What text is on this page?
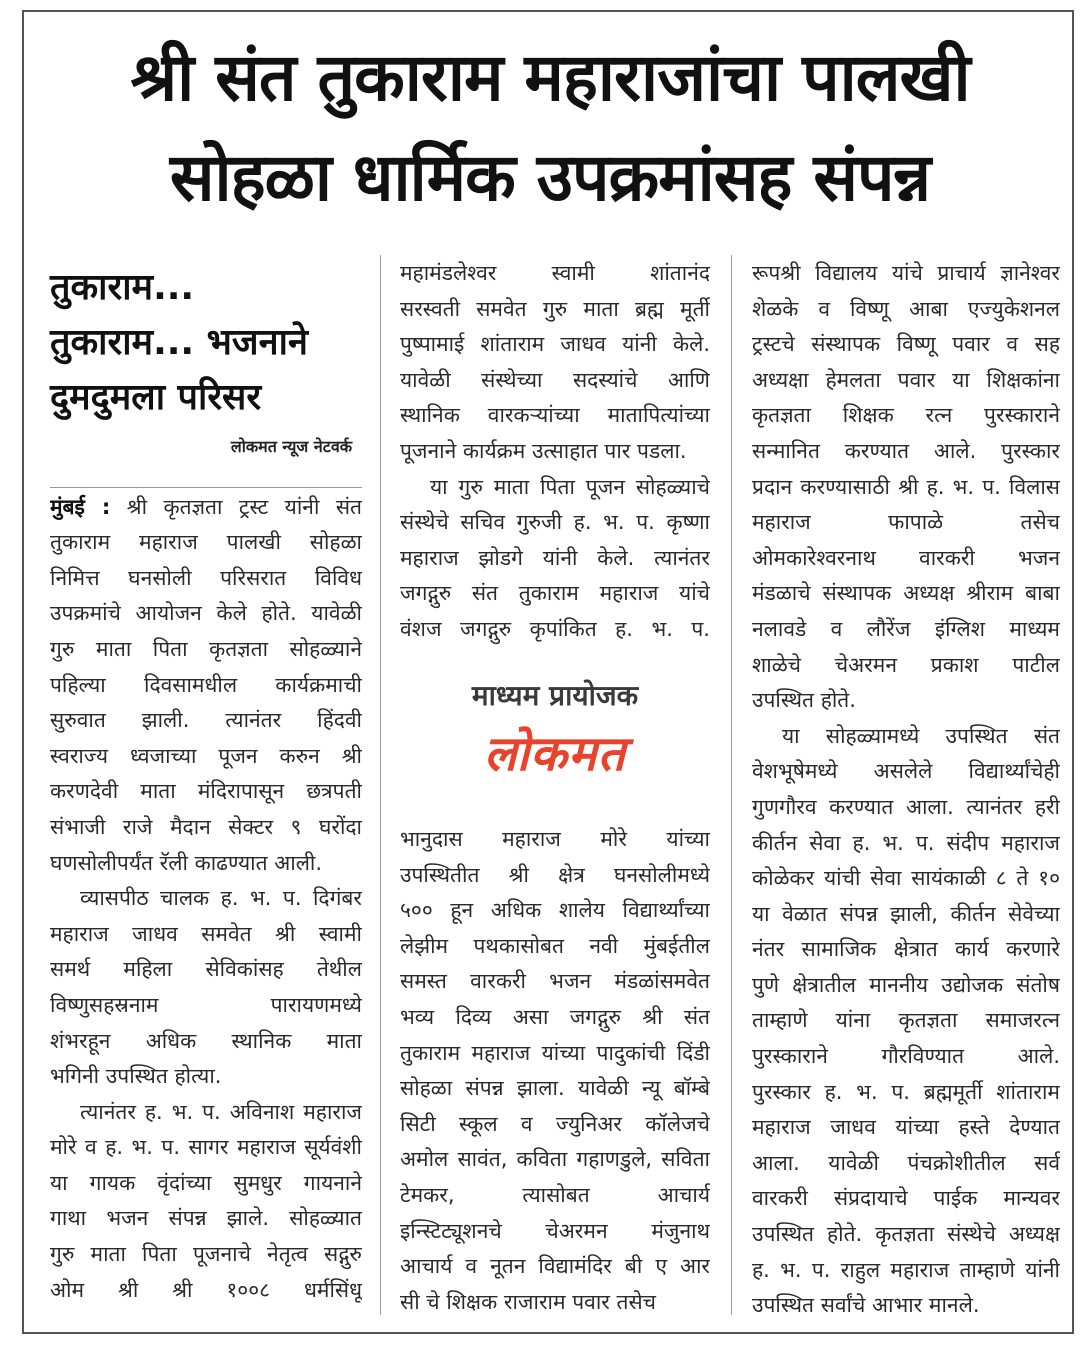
श्री संत तुकाराम महाराजांचा पालखी
सोहळा धार्मिक उपक्रमांसह संपन्न
तुकाराम...
तुकाराम... भजनाने
दुमदुमला परिसर
लोकमत न्यूज नेटवर्क
मुंबई : श्री कृतज्ञता ट्रस्ट यांनी संत
तुकाराम महाराज पालखी सोहळा
निमित्त घनसोली परिसरात विविध
उपक्रमांचे आयोजन केले होते. यावेळी
गुरु माता पिता कृतज्ञता सोहळ्याने
पहिल्या दिवसामधील कार्यक्रमाची
सुरुवात झाली. त्यानंतर हिंदवी
स्वराज्य ध्वजाच्या पूजन करुन श्री
करणदेवी माता मंदिरापासून छत्रपती
संभाजी राजे मैदान सेक्टर ९ घरोंदा
घणसोलीपर्यंत रॅली काढण्यात आली.
व्यासपीठ चालक ह. भ. प. दिगंबर
महाराज जाधव समवेत श्री स्वामी
समर्थ महिला सेविकांसह तेथील
विष्णुसहस्रनाम पारायणमध्ये
शंभरहून अधिक स्थानिक माता
भगिनी उपस्थित होत्या.
त्यानंतर ह. भ. प. अविनाश महाराज
मोरे व ह. भ. प. सागर महाराज सूर्यवंशी
या गायक वृंदांच्या सुमधुर गायनाने
गाथा भजन संपन्न झाले. सोहळ्यात
गुरु माता पिता पूजनाचे नेतृत्व सद्गुरु
ओम श्री श्री १००८ धर्मसिंधू
महामंडलेश्वर स्वामी शांतानंद
सरस्वती समवेत गुरु माता ब्रह्म मूर्ती
पुष्पामाई शांताराम जाधव यांनी केले.
यावेळी संस्थेच्या सदस्यांचे आणि
स्थानिक वारकऱ्यांच्या मातापित्यांच्या
पूजनाने कार्यक्रम उत्साहात पार पडला.
या गुरु माता पिता पूजन सोहळ्याचे
संस्थेचे सचिव गुरुजी ह. भ. प. कृष्णा
महाराज झोडगे यांनी केले. त्यानंतर
जगद्गुरु संत तुकाराम महाराज यांचे
वंशज जगद्गुरु कृपांकित ह. भ. प.
माध्यम प्रायोजक
लोकमत
भानुदास महाराज मोरे यांच्या
उपस्थितीत श्री क्षेत्र घनसोलीमध्ये
५०० हून अधिक शालेय विद्यार्थ्यांच्या
लेझीम पथकासोबत नवी मुंबईतील
समस्त वारकरी भजन मंडळांसमवेत
भव्य दिव्य असा जगद्गुरु श्री संत
तुकाराम महाराज यांच्या पादुकांची दिंडी
सोहळा संपन्न झाला. यावेळी न्यू बॉम्बे
सिटी स्कूल व ज्युनिअर कॉलेजचे
अमोल सावंत, कविता गहाणडुले, सविता
टेमकर, त्यासोबत आचार्य
इन्स्टिट्यूशनचे चेअरमन मंजुनाथ
आचार्य व नूतन विद्यामंदिर बी ए आर
सी चे शिक्षक राजाराम पवार तसेच
रूपश्री विद्यालय यांचे प्राचार्य ज्ञानेश्वर
शेळके व विष्णू आबा एज्युकेशनल
ट्रस्टचे संस्थापक विष्णू पवार व सह
अध्यक्षा हेमलता पवार या शिक्षकांना
कृतज्ञता शिक्षक रत्न पुरस्काराने
सन्मानित करण्यात आले. पुरस्कार
प्रदान करण्यासाठी श्री ह. भ. प. विलास
महाराज फापाळे तसेच
ओमकारेश्वरनाथ वारकरी भजन
मंडळाचे संस्थापक अध्यक्ष श्रीराम बाबा
नलावडे व लौरेंज इंग्लिश माध्यम
शाळेचे चेअरमन प्रकाश पाटील
उपस्थित होते.
या सोहळ्यामध्ये उपस्थित संत
वेशभूषेमध्ये असलेले विद्यार्थ्यांचेही
गुणगौरव करण्यात आला. त्यानंतर हरी
कीर्तन सेवा ह. भ. प. संदीप महाराज
कोळेकर यांची सेवा सायंकाळी ८ ते १०
या वेळात संपन्न झाली, कीर्तन सेवेच्या
नंतर सामाजिक क्षेत्रात कार्य करणारे
पुणे क्षेत्रातील माननीय उद्योजक संतोष
ताम्हाणे यांना कृतज्ञता समाजरत्न
पुरस्काराने गौरविण्यात आले.
पुरस्कार ह. भ. प. ब्रह्ममूर्ती शांताराम
महाराज जाधव यांच्या हस्ते देण्यात
आला. यावेळी पंचक्रोशीतील सर्व
वारकरी संप्रदायाचे पाईक मान्यवर
उपस्थित होते. कृतज्ञता संस्थेचे अध्यक्ष
ह. भ. प. राहुल महाराज ताम्हाणे यांनी
उपस्थित सर्वांचे आभार मानले.
